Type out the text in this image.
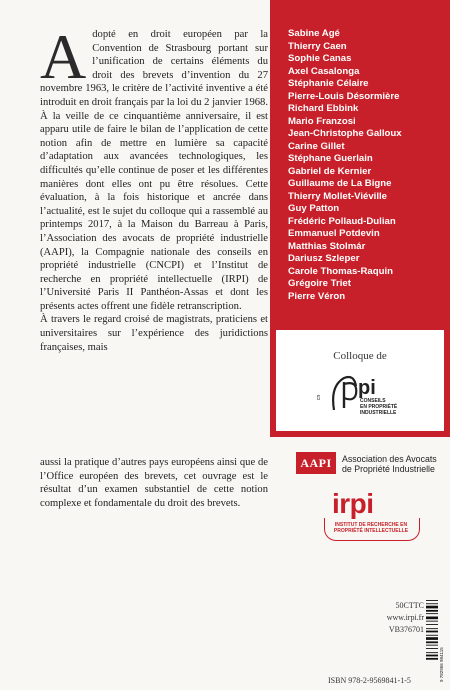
A dopté en droit européen par la Convention de Strasbourg portant sur l’unification de certains éléments du droit des brevets d’invention du 27 novembre 1963, le critère de l’activité inventive a été introduit en droit français par la loi du 2 janvier 1968.

À la veille de ce cinquantième anniversaire, il est apparu utile de faire le bilan de l’application de cette notion afin de mettre en lumière sa capacité d’adaptation aux avancées technologiques, les difficultés qu’elle continue de poser et les différentes manières dont elles ont pu être résolues. Cette évaluation, à la fois historique et ancrée dans l’actualité, est le sujet du colloque qui a rassemblé au printemps 2017, à la Maison du Barreau à Paris, l’Association des avocats de propriété industrielle (AAPI), la Compagnie nationale des conseils en propriété industrielle (CNCPI) et l’Institut de recherche en propriété intellectuelle (IRPI) de l’Université Paris II Panthéon-Assas et dont les présents actes offrent une fidèle retranscription.

À travers le regard croisé de magistrats, praticiens et universitaires sur l’expérience des juridictions françaises, mais

aussi la pratique d’autres pays européens ainsi que de l’Office européen des brevets, cet ouvrage est le résultat d’un examen substantiel de cette notion complexe et fondamentale du droit des brevets.
Sabine Agé
Thierry Caen
Sophie Canas
Axel Casalonga
Stéphanie Célaire
Pierre-Louis Désormière
Richard Ebbink
Mario Franzosi
Jean-Christophe Galloux
Carine Gillet
Stéphane Guerlain
Gabriel de Kernier
Guillaume de La Bigne
Thierry Mollet-Viéville
Guy Patton
Frédéric Pollaud-Dulian
Emmanuel Potdevin
Matthias Stolmár
Dariusz Szleper
Carole Thomas-Raquin
Grégoire Triet
Pierre Véron
Colloque de
cn pi
CONSEILS
EN PROPRIÉTÉ
INDUSTRIELLE
AAPI	Association des Avocats
de Propriété Industrielle
irpi
INSTITUT DE RECHERCHE EN
PROPRIÉTÉ INTELLECTUELLE
50CTTC
www.irpi.fr
VB376701
ISBN 978-2-9569841-1-5	9 782956 984115
